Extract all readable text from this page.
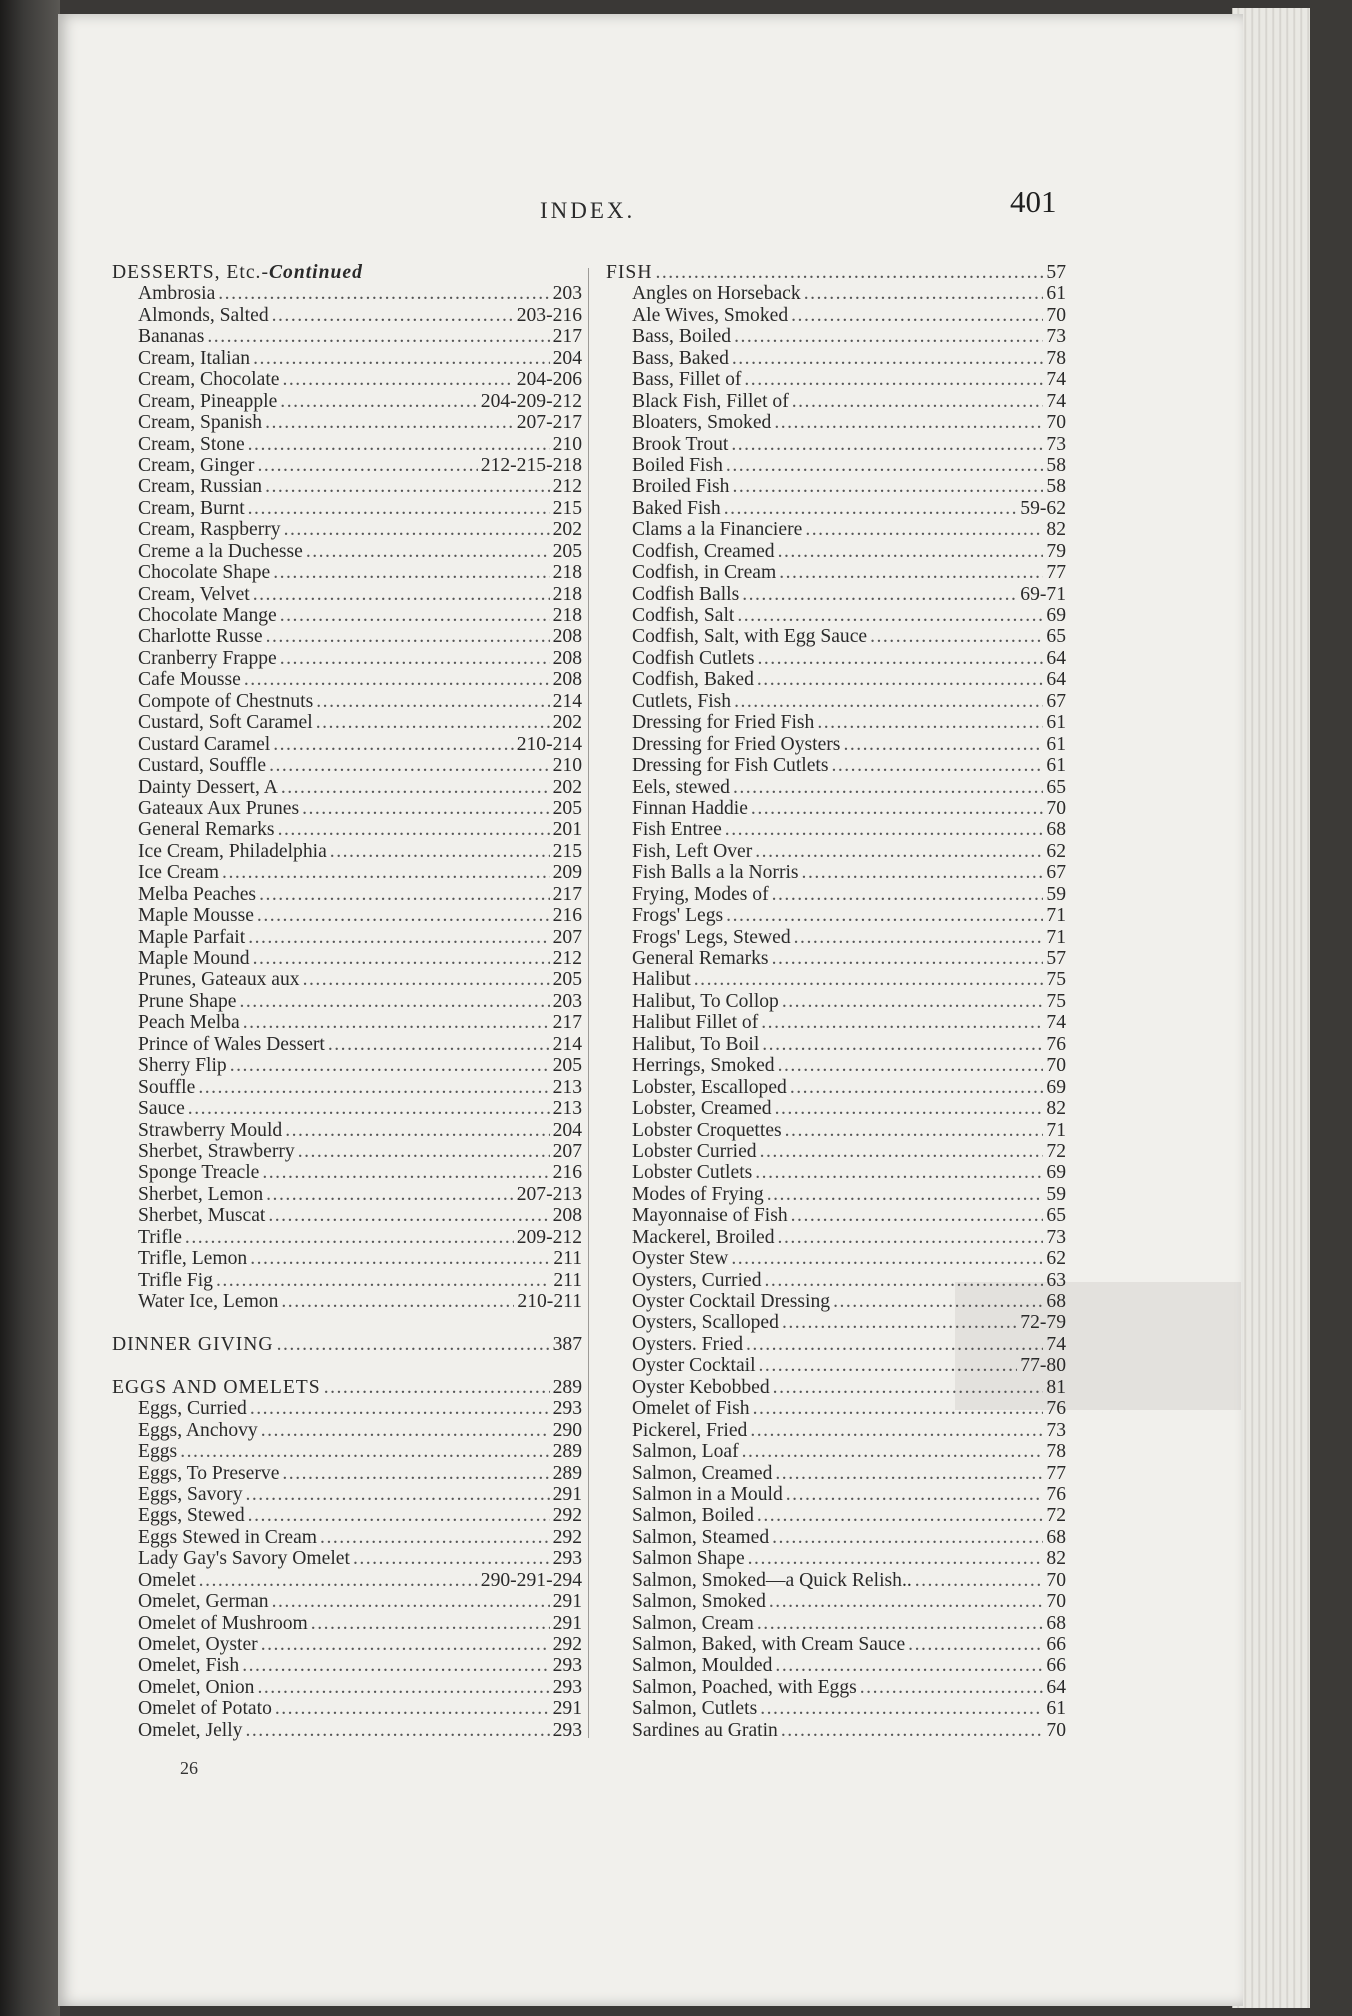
INDEX.	401
DESSERTS, Etc.- Continued
Ambrosia .....	203
Almonds, Salted .....	203-216
Bananas .....	217
Cream, Italian .....	204
Cream, Chocolate .....	204-206
Cream, Pineapple .....	204-209-212
Cream, Spanish .....	207-217
Cream, Stone .....	210
Cream, Ginger .....	212-215-218
Cream, Russian .....	212
Cream, Burnt .....	215
Cream, Raspberry .....	202
Creme a la Duchesse .....	205
Chocolate Shape .....	218
Cream, Velvet .....	218
Chocolate Mange .....	218
Charlotte Russe .....	208
Cranberry Frappe .....	208
Cafe Mousse .....	208
Compote of Chestnuts .....	214
Custard, Soft Caramel .....	202
Custard Caramel .....	210-214
Custard, Souffle .....	210
Dainty Dessert, A .....	202
Gateaux Aux Prunes .....	205
General Remarks .....	201
Ice Cream, Philadelphia .....	215
Ice Cream .....	209
Melba Peaches .....	217
Maple Mousse .....	216
Maple Parfait .....	207
Maple Mound .....	212
Prunes, Gateaux aux .....	205
Prune Shape .....	203
Peach Melba .....	217
Prince of Wales Dessert .....	214
Sherry Flip .....	205
Souffle .....	213
Sauce .....	213
Strawberry Mould .....	204
Sherbet, Strawberry .....	207
Sponge Treacle .....	216
Sherbet, Lemon .....	207-213
Sherbet, Muscat .....	208
Trifle .....	209-212
Trifle, Lemon .....	211
Trifle Fig .....	211
Water Ice, Lemon .....	210-211
DINNER GIVING .....	387
EGGS AND OMELETS .....	289
Eggs, Curried .....	293
Eggs, Anchovy .....	290
Eggs .....	289
Eggs, To Preserve .....	289
Eggs, Savory .....	291
Eggs, Stewed .....	292
Eggs Stewed in Cream .....	292
Lady Gay's Savory Omelet .....	293
Omelet .....	290-291-294
Omelet, German .....	291
Omelet of Mushroom .....	291
Omelet, Oyster .....	292
Omelet, Fish .....	293
Omelet, Onion .....	293
Omelet of Potato .....	291
Omelet, Jelly .....	293
FISH .....	57
Angles on Horseback .....	61
Ale Wives, Smoked .....	70
Bass, Boiled .....	73
Bass, Baked .....	78
Bass, Fillet of .....	74
Black Fish, Fillet of .....	74
Bloaters, Smoked .....	70
Brook Trout .....	73
Boiled Fish .....	58
Broiled Fish .....	58
Baked Fish .....	59-62
Clams a la Financiere .....	82
Codfish, Creamed .....	79
Codfish, in Cream .....	77
Codfish Balls .....	69-71
Codfish, Salt .....	69
Codfish, Salt, with Egg Sauce .....	65
Codfish Cutlets .....	64
Codfish, Baked .....	64
Cutlets, Fish .....	67
Dressing for Fried Fish .....	61
Dressing for Fried Oysters .....	61
Dressing for Fish Cutlets .....	61
Eels, stewed .....	65
Finnan Haddie .....	70
Fish Entree .....	68
Fish, Left Over .....	62
Fish Balls a la Norris .....	67
Frying, Modes of .....	59
Frogs' Legs .....	71
Frogs' Legs, Stewed .....	71
General Remarks .....	57
Halibut .....	75
Halibut, To Collop .....	75
Halibut Fillet of .....	74
Halibut, To Boil .....	76
Herrings, Smoked .....	70
Lobster, Escalloped .....	69
Lobster, Creamed .....	82
Lobster Croquettes .....	71
Lobster Curried .....	72
Lobster Cutlets .....	69
Modes of Frying .....	59
Mayonnaise of Fish .....	65
Mackerel, Broiled .....	73
Oyster Stew .....	62
Oysters, Curried .....	63
Oyster Cocktail Dressing .....	68
Oysters, Scalloped .....	72-79
Oysters. Fried .....	74
Oyster Cocktail .....	77-80
Oyster Kebobbed .....	81
Omelet of Fish .....	76
Pickerel, Fried .....	73
Salmon, Loaf .....	78
Salmon, Creamed .....	77
Salmon in a Mould .....	76
Salmon, Boiled .....	72
Salmon, Steamed .....	68
Salmon Shape .....	82
Salmon, Smoked—a Quick Relish.. .....	70
Salmon, Smoked .....	70
Salmon, Cream .....	68
Salmon, Baked, with Cream Sauce .....	66
Salmon, Moulded .....	66
Salmon, Poached, with Eggs .....	64
Salmon, Cutlets .....	61
Sardines au Gratin .....	70
26
